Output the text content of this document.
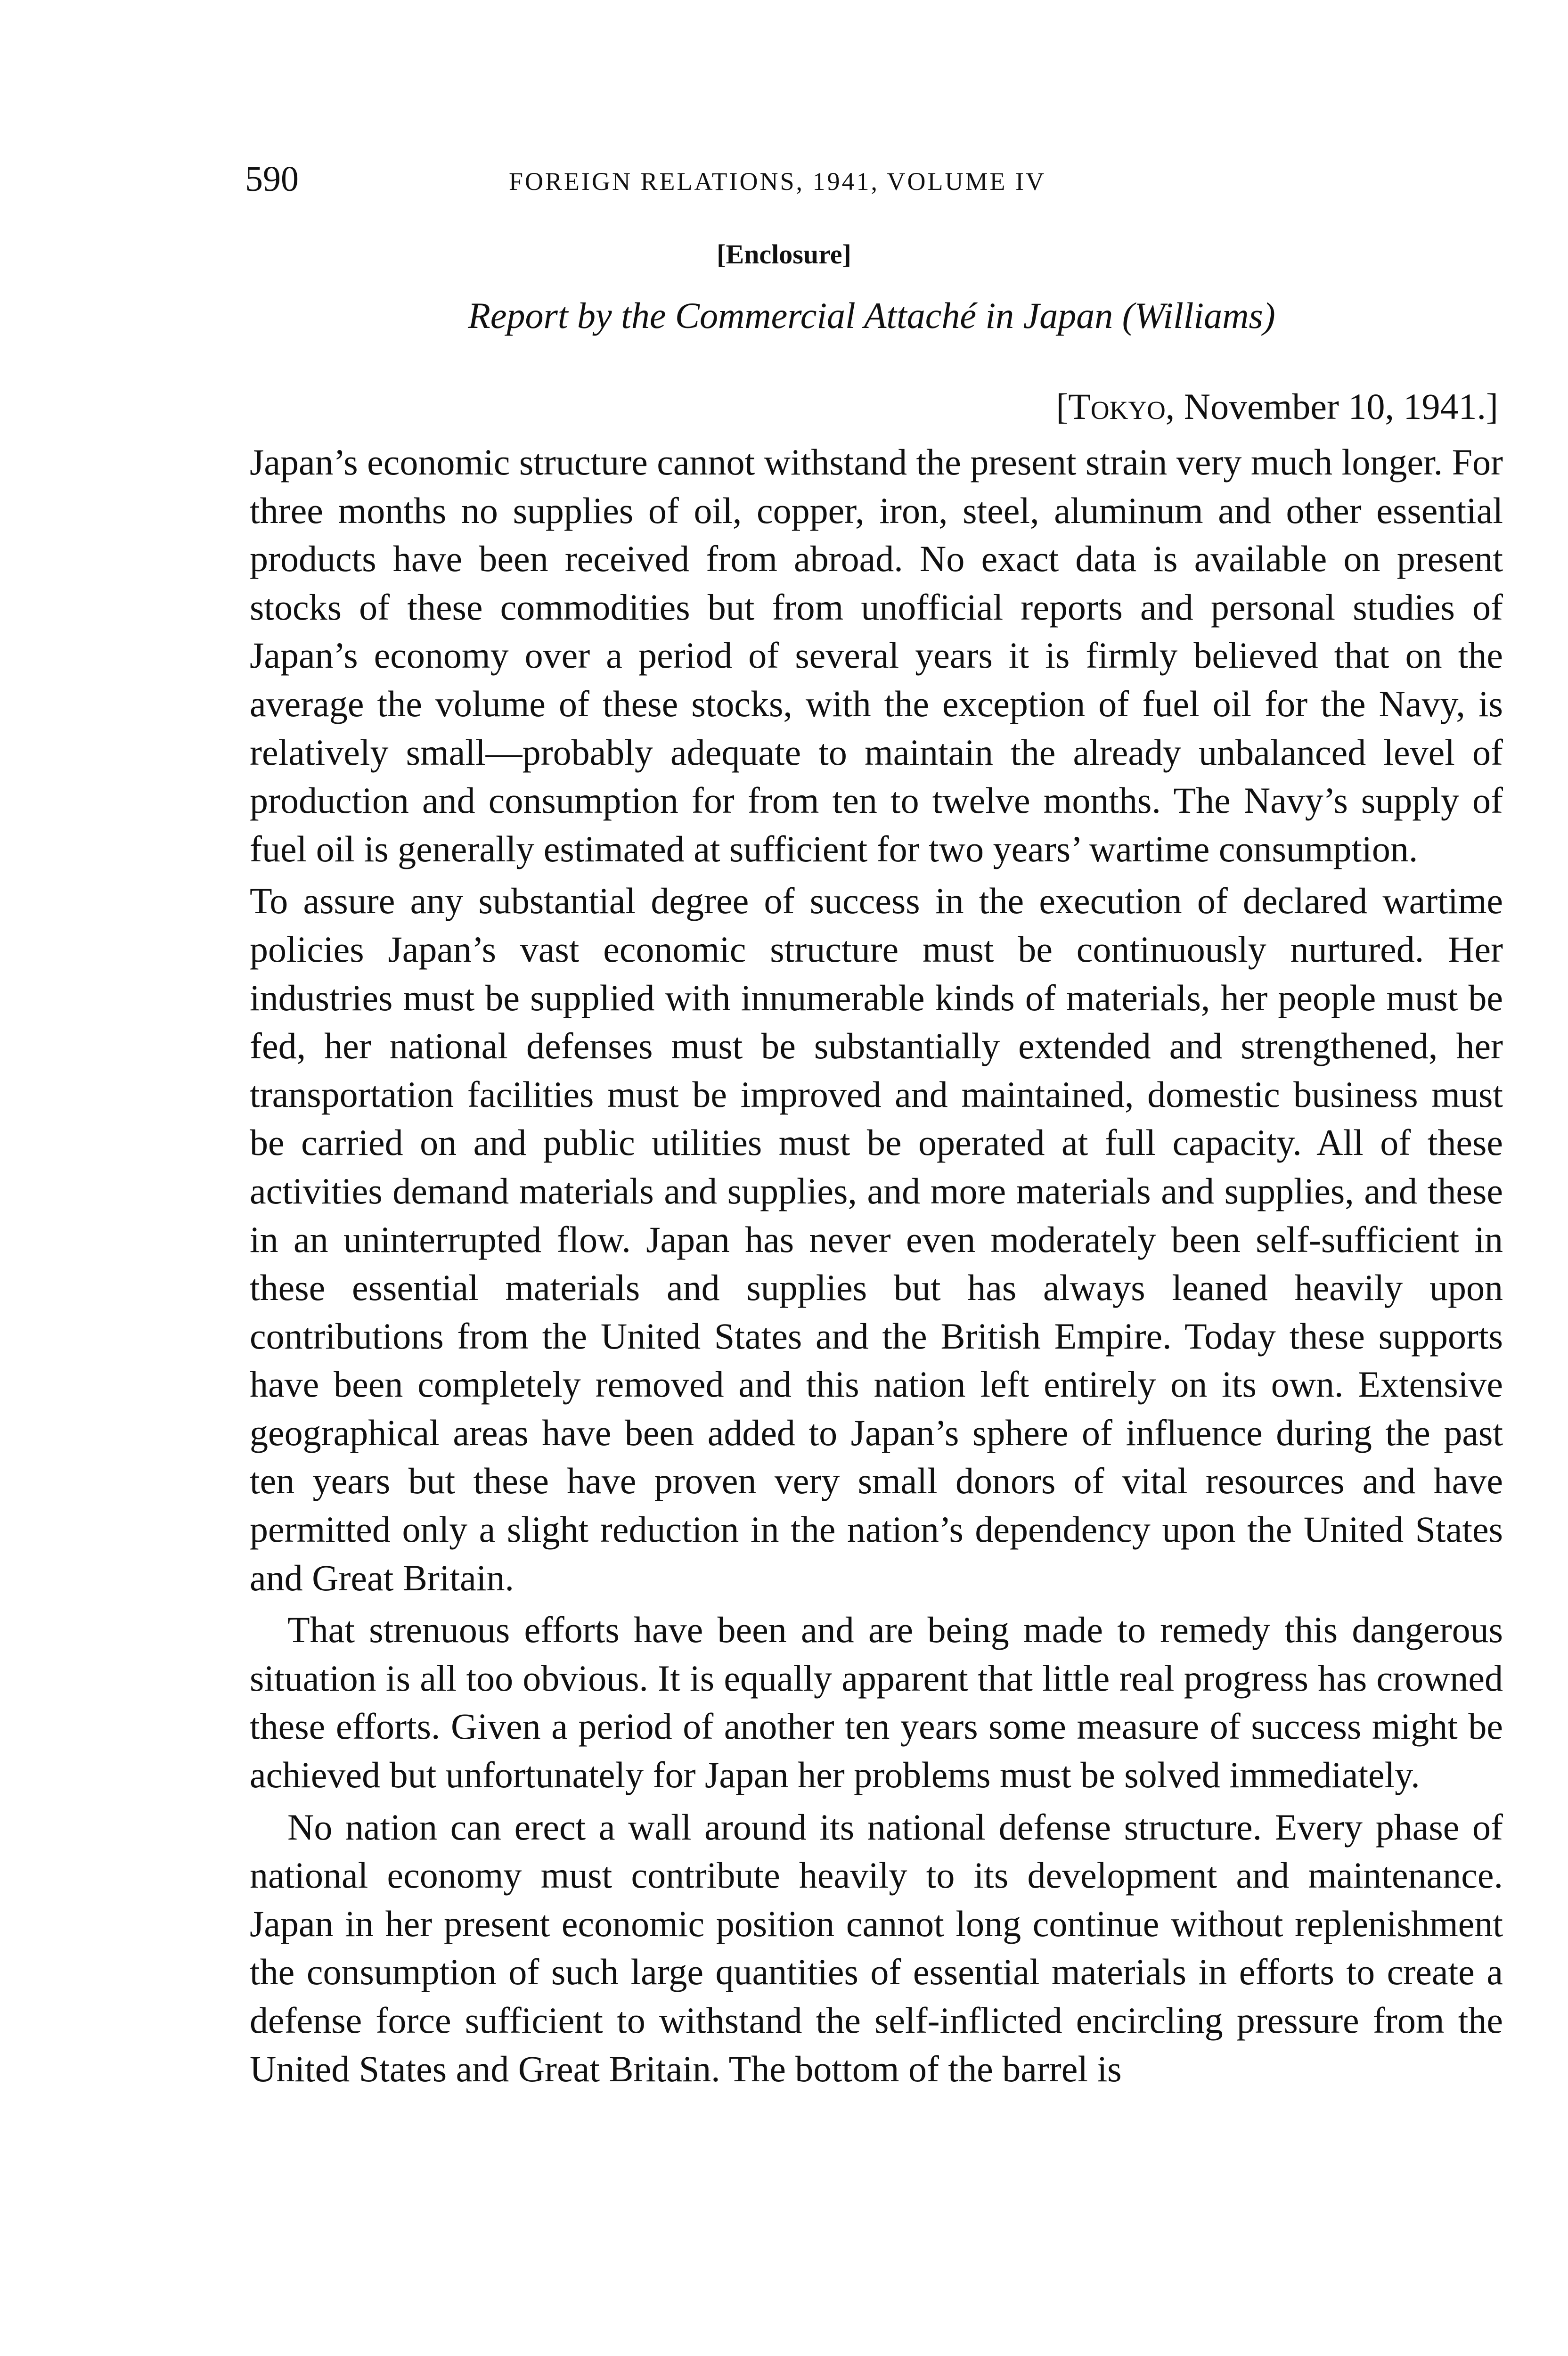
590	FOREIGN RELATIONS, 1941, VOLUME IV
[Enclosure]
Report by the Commercial Attaché in Japan (Williams)
[Tokyo, November 10, 1941.]

Japan’s economic structure cannot withstand the present strain very much longer. For three months no supplies of oil, copper, iron, steel, aluminum and other essential products have been received from abroad. No exact data is available on present stocks of these commodities but from unofficial reports and personal studies of Japan’s economy over a period of several years it is firmly believed that on the average the volume of these stocks, with the exception of fuel oil for the Navy, is relatively small—probably adequate to maintain the already unbalanced level of production and consumption for from ten to twelve months. The Navy’s supply of fuel oil is generally estimated at sufficient for two years’ wartime consumption.

To assure any substantial degree of success in the execution of declared wartime policies Japan’s vast economic structure must be continuously nurtured. Her industries must be supplied with innumerable kinds of materials, her people must be fed, her national defenses must be substantially extended and strengthened, her transportation facilities must be improved and maintained, domestic business must be carried on and public utilities must be operated at full capacity. All of these activities demand materials and supplies, and more materials and supplies, and these in an uninterrupted flow. Japan has never even moderately been self-sufficient in these essential materials and supplies but has always leaned heavily upon contributions from the United States and the British Empire. Today these supports have been completely removed and this nation left entirely on its own. Extensive geographical areas have been added to Japan’s sphere of influence during the past ten years but these have proven very small donors of vital resources and have permitted only a slight reduction in the nation’s dependency upon the United States and Great Britain.

That strenuous efforts have been and are being made to remedy this dangerous situation is all too obvious. It is equally apparent that little real progress has crowned these efforts. Given a period of another ten years some measure of success might be achieved but unfortunately for Japan her problems must be solved immediately.

No nation can erect a wall around its national defense structure. Every phase of national economy must contribute heavily to its development and maintenance. Japan in her present economic position cannot long continue without replenishment the consumption of such large quantities of essential materials in efforts to create a defense force sufficient to withstand the self-inflicted encircling pressure from the United States and Great Britain. The bottom of the barrel is
